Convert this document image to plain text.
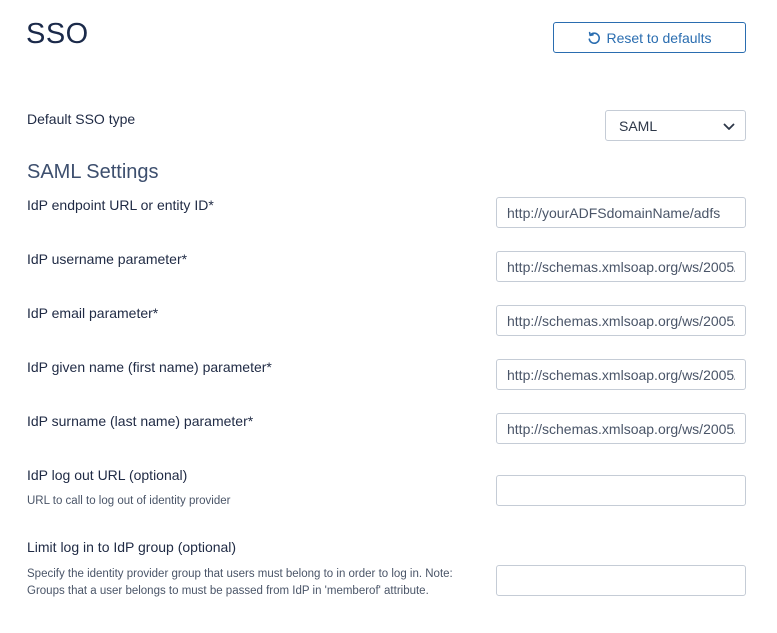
SSO	Reset to defaults

Default SSO type	SAML
SAML Settings

IdP endpoint URL or entity ID*

http://yourADFSdomainName/adfs

IdP username parameter*

http://schemas.xmlsoap.org/ws/2005/05/identity/claims/name

IdP email parameter*

http://schemas.xmlsoap.org/ws/2005/05/identity/claims/emailaddress

IdP given name (first name) parameter*

http://schemas.xmlsoap.org/ws/2005/05/identity/claims/givenname

IdP surname (last name) parameter*

http://schemas.xmlsoap.org/ws/2005/05/identity/claims/surname

IdP log out URL (optional)

URL to call to log out of identity provider

Limit log in to IdP group (optional)

Specify the identity provider group that users must belong to in order to log in. Note: Groups that a user belongs to must be passed from IdP in 'memberof' attribute.
